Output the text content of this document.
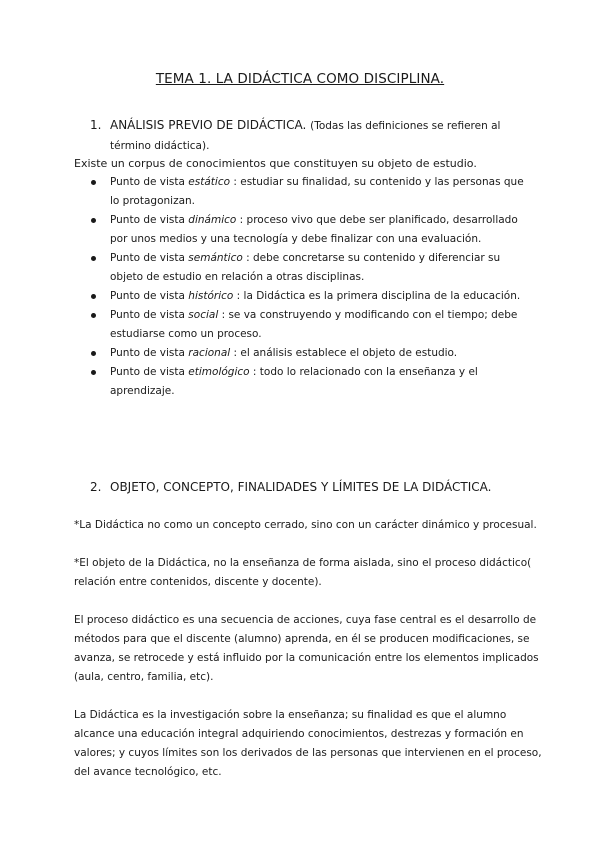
TEMA 1. LA DIDÁCTICA COMO DISCIPLINA.
1. ANÁLISIS PREVIO DE DIDÁCTICA. (Todas las definiciones se refieren al término didáctica).
Existe un corpus de conocimientos que constituyen su objeto de estudio.
Punto de vista estático : estudiar su finalidad, su contenido y las personas que lo protagonizan.
Punto de vista dinámico : proceso vivo que debe ser planificado, desarrollado por unos medios y una tecnología y debe finalizar con una evaluación.
Punto de vista semántico : debe concretarse su contenido y diferenciar su objeto de estudio en relación a otras disciplinas.
Punto de vista histórico : la Didáctica es la primera disciplina de la educación.
Punto de vista social : se va construyendo y modificando con el tiempo; debe estudiarse como un proceso.
Punto de vista racional : el análisis establece el objeto de estudio.
Punto de vista etimológico : todo lo relacionado con la enseñanza y el aprendizaje.
2. OBJETO, CONCEPTO, FINALIDADES Y LÍMITES DE LA DIDÁCTICA.

*La Didáctica no como un concepto cerrado, sino con un carácter dinámico y procesual.

*El objeto de la Didáctica, no la enseñanza de forma aislada, sino el proceso didáctico( relación entre contenidos, discente y docente).

El proceso didáctico es una secuencia de acciones, cuya fase central es el desarrollo de métodos para que el discente (alumno) aprenda, en él se producen modificaciones, se avanza, se retrocede y está influido por la comunicación entre los elementos implicados (aula, centro, familia, etc).

La Didáctica es la investigación sobre la enseñanza; su finalidad es que el alumno alcance una educación integral adquiriendo conocimientos, destrezas y formación en valores; y cuyos límites son los derivados de las personas que intervienen en el proceso, del avance tecnológico, etc.
